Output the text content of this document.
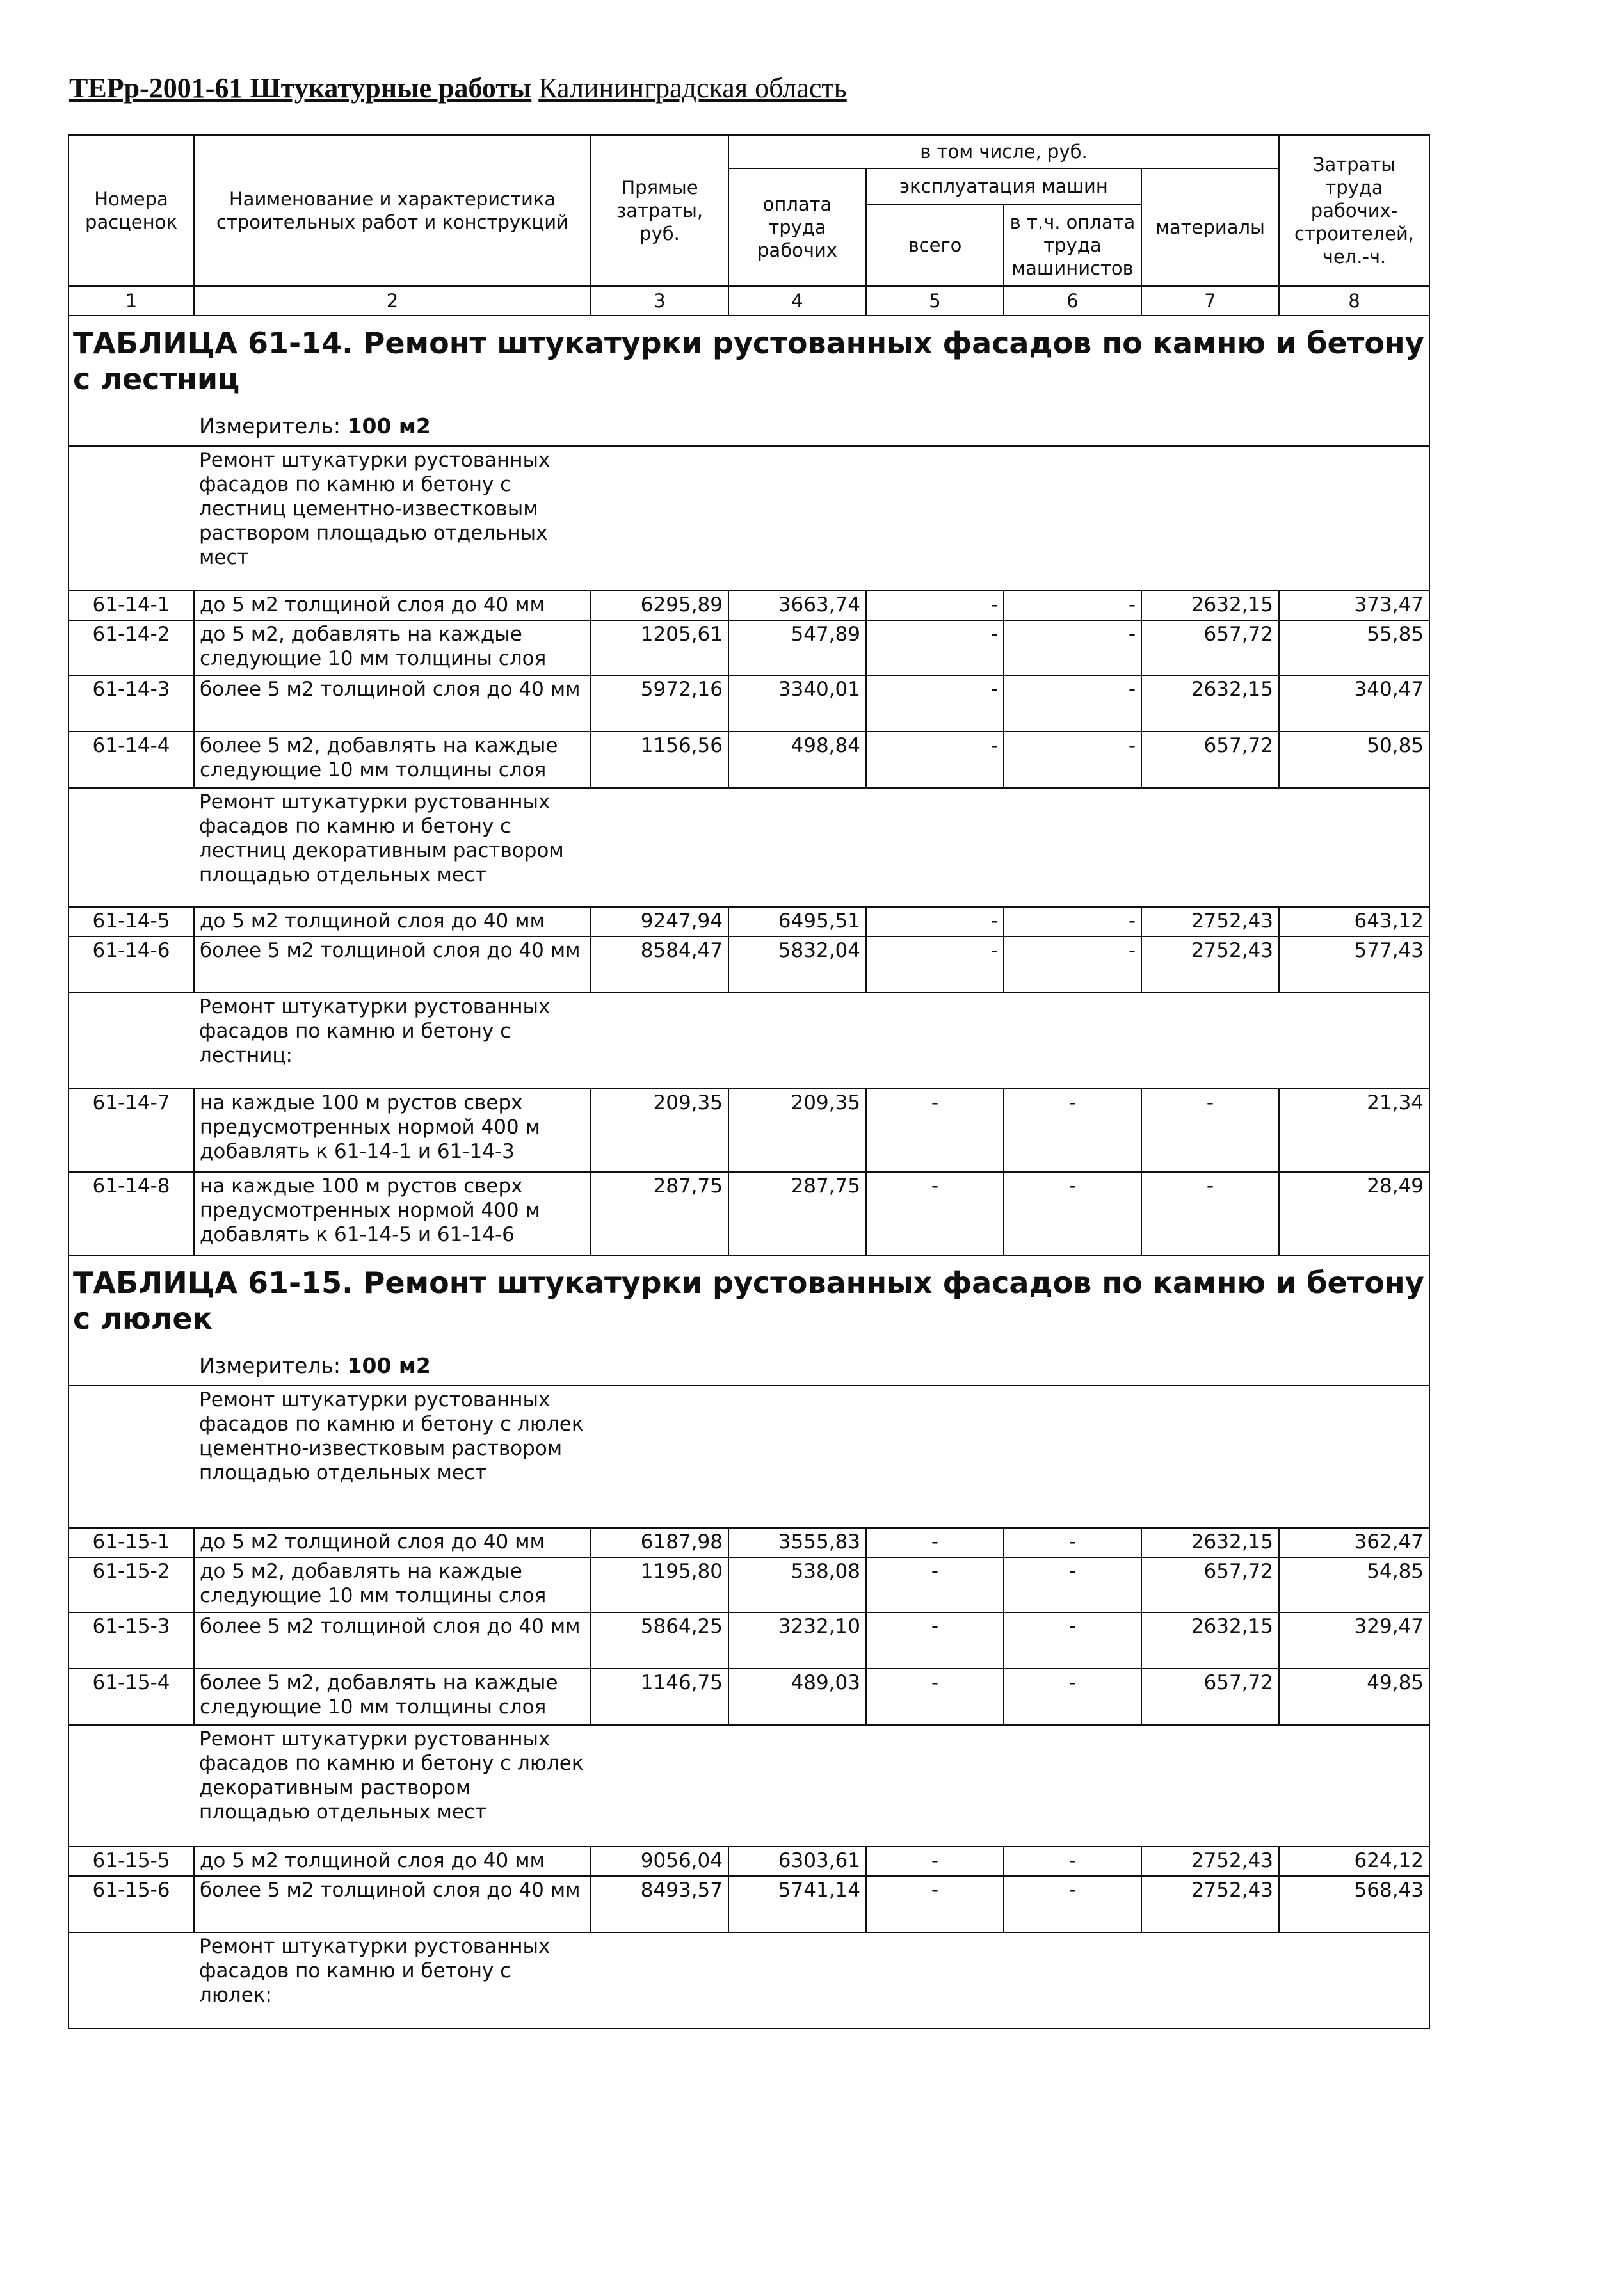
ТЕРр-2001-61 Штукатурные работы Калининградская область
Номера расценок	Наименование и характеристика строительных работ и конструкций	Прямые затраты, руб.	в том числе, руб.				Затраты труда рабочих-строителей, чел.-ч.
			оплата труда рабочих	эксплуатация машин		материалы	
				всего	в т.ч. оплата труда машинистов		
1	2	3	4	5	6	7	8
ТАБЛИЦА 61-14. Ремонт штукатурки рустованных фасадов по камню и бетону с лестниц							
	Измеритель: 100 м2						
	Ремонт штукатурки рустованных фасадов по камню и бетону с лестниц цементно-известковым раствором площадью отдельных мест						
61-14-1	до 5 м2 толщиной слоя до 40 мм	6295,89	3663,74	-	-	2632,15	373,47
61-14-2	до 5 м2, добавлять на каждые следующие 10 мм толщины слоя	1205,61	547,89	-	-	657,72	55,85
61-14-3	более 5 м2 толщиной слоя до 40 мм	5972,16	3340,01	-	-	2632,15	340,47
61-14-4	более 5 м2, добавлять на каждые следующие 10 мм толщины слоя	1156,56	498,84	-	-	657,72	50,85
	Ремонт штукатурки рустованных фасадов по камню и бетону с лестниц декоративным раствором площадью отдельных мест						
61-14-5	до 5 м2 толщиной слоя до 40 мм	9247,94	6495,51	-	-	2752,43	643,12
61-14-6	более 5 м2 толщиной слоя до 40 мм	8584,47	5832,04	-	-	2752,43	577,43
	Ремонт штукатурки рустованных фасадов по камню и бетону с лестниц:						
61-14-7	на каждые 100 м рустов сверх предусмотренных нормой 400 м добавлять к 61-14-1 и 61-14-3	209,35	209,35	-	-	-	21,34
61-14-8	на каждые 100 м рустов сверх предусмотренных нормой 400 м добавлять к 61-14-5 и 61-14-6	287,75	287,75	-	-	-	28,49
ТАБЛИЦА 61-15. Ремонт штукатурки рустованных фасадов по камню и бетону с люлек							
	Измеритель: 100 м2						
	Ремонт штукатурки рустованных фасадов по камню и бетону с люлек цементно-известковым раствором площадью отдельных мест						
61-15-1	до 5 м2 толщиной слоя до 40 мм	6187,98	3555,83	-	-	2632,15	362,47
61-15-2	до 5 м2, добавлять на каждые следующие 10 мм толщины слоя	1195,80	538,08	-	-	657,72	54,85
61-15-3	более 5 м2 толщиной слоя до 40 мм	5864,25	3232,10	-	-	2632,15	329,47
61-15-4	более 5 м2, добавлять на каждые следующие 10 мм толщины слоя	1146,75	489,03	-	-	657,72	49,85
	Ремонт штукатурки рустованных фасадов по камню и бетону с люлек декоративным раствором площадью отдельных мест						
61-15-5	до 5 м2 толщиной слоя до 40 мм	9056,04	6303,61	-	-	2752,43	624,12
61-15-6	более 5 м2 толщиной слоя до 40 мм	8493,57	5741,14	-	-	2752,43	568,43
	Ремонт штукатурки рустованных фасадов по камню и бетону с люлек:						
